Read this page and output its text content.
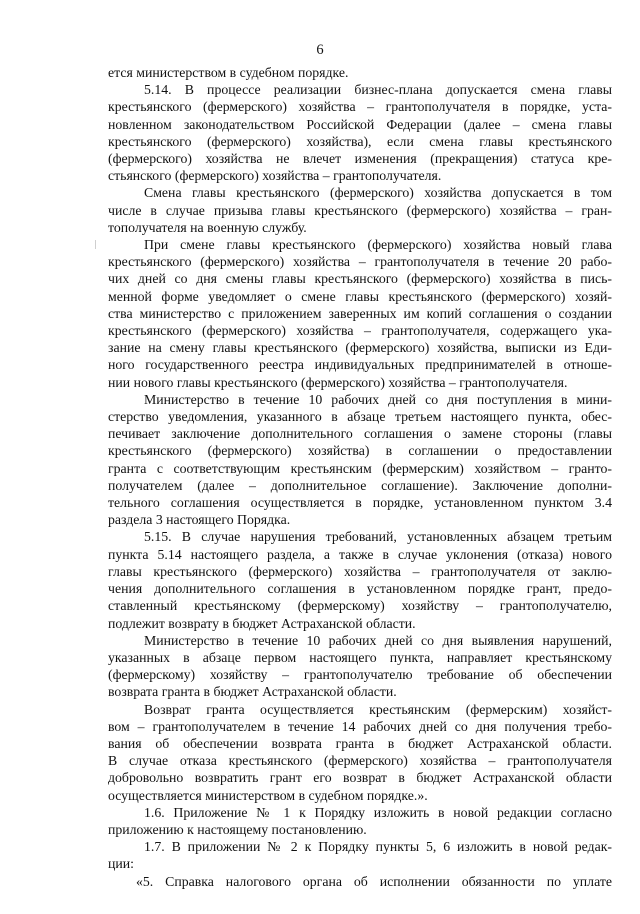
6
ется министерством в судебном порядке.
5.14. В процессе реализации бизнес-плана допускается смена главы
крестьянского (фермерского) хозяйства – грантополучателя в порядке, уста-
новленном законодательством Российской Федерации (далее – смена главы
крестьянского (фермерского) хозяйства), если смена главы крестьянского
(фермерского) хозяйства не влечет изменения (прекращения) статуса кре-
стьянского (фермерского) хозяйства – грантополучателя.
Смена главы крестьянского (фермерского) хозяйства допускается в том
числе в случае призыва главы крестьянского (фермерского) хозяйства – гран-
тополучателя на военную службу.
При смене главы крестьянского (фермерского) хозяйства новый глава
крестьянского (фермерского) хозяйства – грантополучателя в течение 20 рабо-
чих дней со дня смены главы крестьянского (фермерского) хозяйства в пись-
менной форме уведомляет о смене главы крестьянского (фермерского) хозяй-
ства министерство с приложением заверенных им копий соглашения о создании
крестьянского (фермерского) хозяйства – грантополучателя, содержащего ука-
зание на смену главы крестьянского (фермерского) хозяйства, выписки из Еди-
ного государственного реестра индивидуальных предпринимателей в отноше-
нии нового главы крестьянского (фермерского) хозяйства – грантополучателя.
Министерство в течение 10 рабочих дней со дня поступления в мини-
стерство уведомления, указанного в абзаце третьем настоящего пункта, обес-
печивает заключение дополнительного соглашения о замене стороны (главы
крестьянского (фермерского) хозяйства) в соглашении о предоставлении
гранта с соответствующим крестьянским (фермерским) хозяйством – гранто-
получателем (далее – дополнительное соглашение). Заключение дополни-
тельного соглашения осуществляется в порядке, установленном пунктом 3.4
раздела 3 настоящего Порядка.
5.15. В случае нарушения требований, установленных абзацем третьим
пункта 5.14 настоящего раздела, а также в случае уклонения (отказа) нового
главы крестьянского (фермерского) хозяйства – грантополучателя от заклю-
чения дополнительного соглашения в установленном порядке грант, предо-
ставленный крестьянскому (фермерскому) хозяйству – грантополучателю,
подлежит возврату в бюджет Астраханской области.
Министерство в течение 10 рабочих дней со дня выявления нарушений,
указанных в абзаце первом настоящего пункта, направляет крестьянскому
(фермерскому) хозяйству – грантополучателю требование об обеспечении
возврата гранта в бюджет Астраханской области.
Возврат гранта осуществляется крестьянским (фермерским) хозяйст-
вом – грантополучателем в течение 14 рабочих дней со дня получения требо-
вания об обеспечении возврата гранта в бюджет Астраханской области.
В случае отказа крестьянского (фермерского) хозяйства – грантополучателя
добровольно возвратить грант его возврат в бюджет Астраханской области
осуществляется министерством в судебном порядке.».
1.6. Приложение № 1 к Порядку изложить в новой редакции согласно
приложению к настоящему постановлению.
1.7. В приложении № 2 к Порядку пункты 5, 6 изложить в новой редак-
ции:
«5. Справка налогового органа об исполнении обязанности по уплате
